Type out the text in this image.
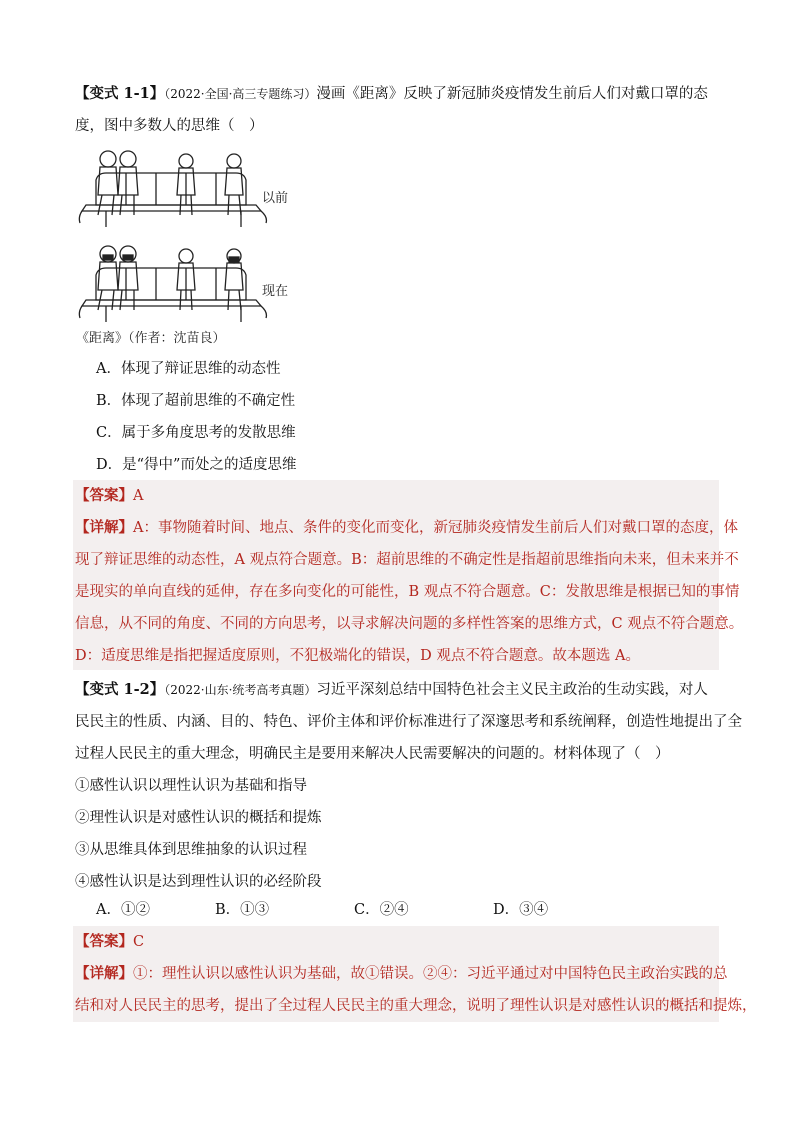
【变式 1-1】（2022·全国·高三专题练习）漫画《距离》反映了新冠肺炎疫情发生前后人们对戴口罩的态
度，图中多数人的思维（　）
以前
现在
《距离》（作者：沈苗良）
A．体现了辩证思维的动态性
B．体现了超前思维的不确定性
C．属于多角度思考的发散思维
D．是“得中”而处之的适度思维
【答案】A
【详解】A：事物随着时间、地点、条件的变化而变化，新冠肺炎疫情发生前后人们对戴口罩的态度，体
现了辩证思维的动态性，A 观点符合题意。B：超前思维的不确定性是指超前思维指向未来，但未来并不
是现实的单向直线的延伸，存在多向变化的可能性，B 观点不符合题意。C：发散思维是根据已知的事情
信息，从不同的角度、不同的方向思考，以寻求解决问题的多样性答案的思维方式，C 观点不符合题意。
D：适度思维是指把握适度原则，不犯极端化的错误，D 观点不符合题意。故本题选 A。
【变式 1-2】（2022·山东·统考高考真题）习近平深刻总结中国特色社会主义民主政治的生动实践，对人
民民主的性质、内涵、目的、特色、评价主体和评价标准进行了深邃思考和系统阐释，创造性地提出了全
过程人民民主的重大理念，明确民主是要用来解决人民需要解决的问题的。材料体现了（　）
①感性认识以理性认识为基础和指导
②理性认识是对感性认识的概括和提炼
③从思维具体到思维抽象的认识过程
④感性认识是达到理性认识的必经阶段
A．①②	B．①③	C．②④	D．③④
【答案】C
【详解】①：理性认识以感性认识为基础，故①错误。②④：习近平通过对中国特色民主政治实践的总
结和对人民民主的思考，提出了全过程人民民主的重大理念，说明了理性认识是对感性认识的概括和提炼，
